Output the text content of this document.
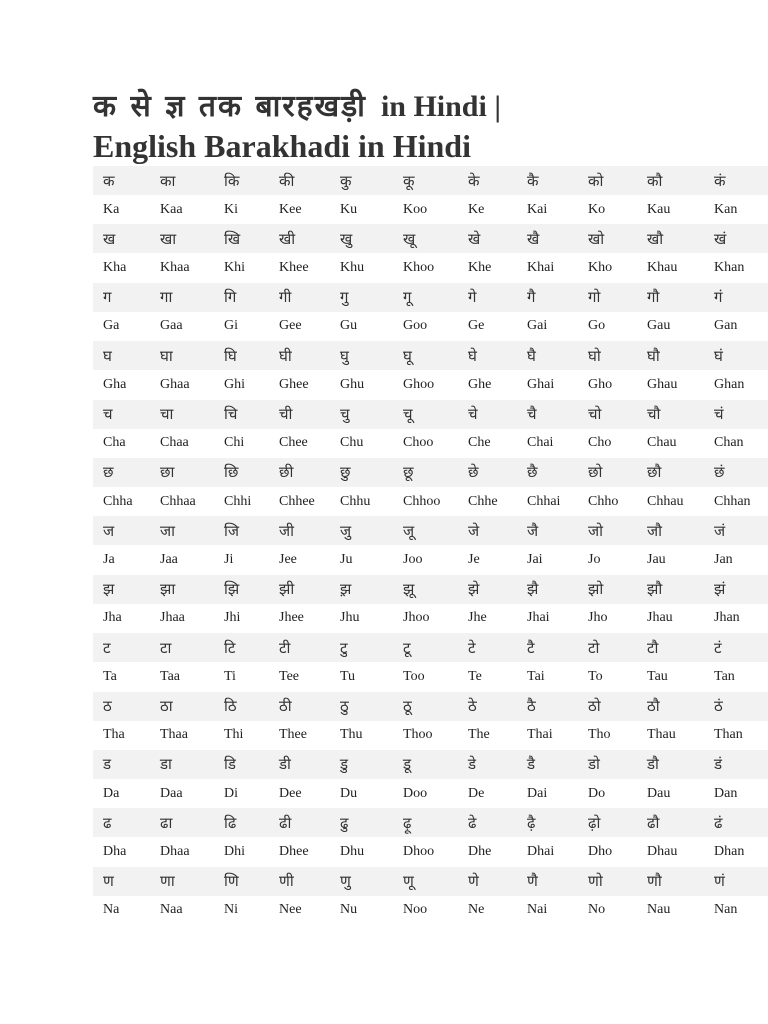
क से ज्ञ तक बारहखड़ी in Hindi |
English Barakhadi in Hindi
क	का	कि	की	कु	कू	के	कै	को	कौ	कं
Ka	Kaa	Ki	Kee	Ku	Koo	Ke	Kai	Ko	Kau	Kan
ख	खा	खि	खी	खु	खू	खे	खै	खो	खौ	खं
Kha	Khaa	Khi	Khee	Khu	Khoo	Khe	Khai	Kho	Khau	Khan
ग	गा	गि	गी	गु	गू	गे	गै	गो	गौ	गं
Ga	Gaa	Gi	Gee	Gu	Goo	Ge	Gai	Go	Gau	Gan
घ	घा	घि	घी	घु	घू	घे	घै	घो	घौ	घं
Gha	Ghaa	Ghi	Ghee	Ghu	Ghoo	Ghe	Ghai	Gho	Ghau	Ghan
च	चा	चि	ची	चु	चू	चे	चै	चो	चौ	चं
Cha	Chaa	Chi	Chee	Chu	Choo	Che	Chai	Cho	Chau	Chan
छ	छा	छि	छी	छु	छू	छे	छै	छो	छौ	छं
Chha	Chhaa	Chhi	Chhee	Chhu	Chhoo	Chhe	Chhai	Chho	Chhau	Chhan
ज	जा	जि	जी	जु	जू	जे	जै	जो	जौ	जं
Ja	Jaa	Ji	Jee	Ju	Joo	Je	Jai	Jo	Jau	Jan
झ	झा	झि	झी	झ़	झू	झे	झै	झो	झौ	झं
Jha	Jhaa	Jhi	Jhee	Jhu	Jhoo	Jhe	Jhai	Jho	Jhau	Jhan
ट	टा	टि	टी	टु	टू	टे	टै	टो	टौ	टं
Ta	Taa	Ti	Tee	Tu	Too	Te	Tai	To	Tau	Tan
ठ	ठा	ठि	ठी	ठु	ठू	ठे	ठै	ठो	ठौ	ठं
Tha	Thaa	Thi	Thee	Thu	Thoo	The	Thai	Tho	Thau	Than
ड	डा	डि	डी	डु	डू	डे	डै	डो	डौ	डं
Da	Daa	Di	Dee	Du	Doo	De	Dai	Do	Dau	Dan
ढ	ढा	ढि	ढी	ढु	ढ़ू	ढे	ढ़ै	ढ़ो	ढौ	ढं
Dha	Dhaa	Dhi	Dhee	Dhu	Dhoo	Dhe	Dhai	Dho	Dhau	Dhan
ण	णा	णि	णी	णु	णू	णे	णै	णो	णौ	णं
Na	Naa	Ni	Nee	Nu	Noo	Ne	Nai	No	Nau	Nan
